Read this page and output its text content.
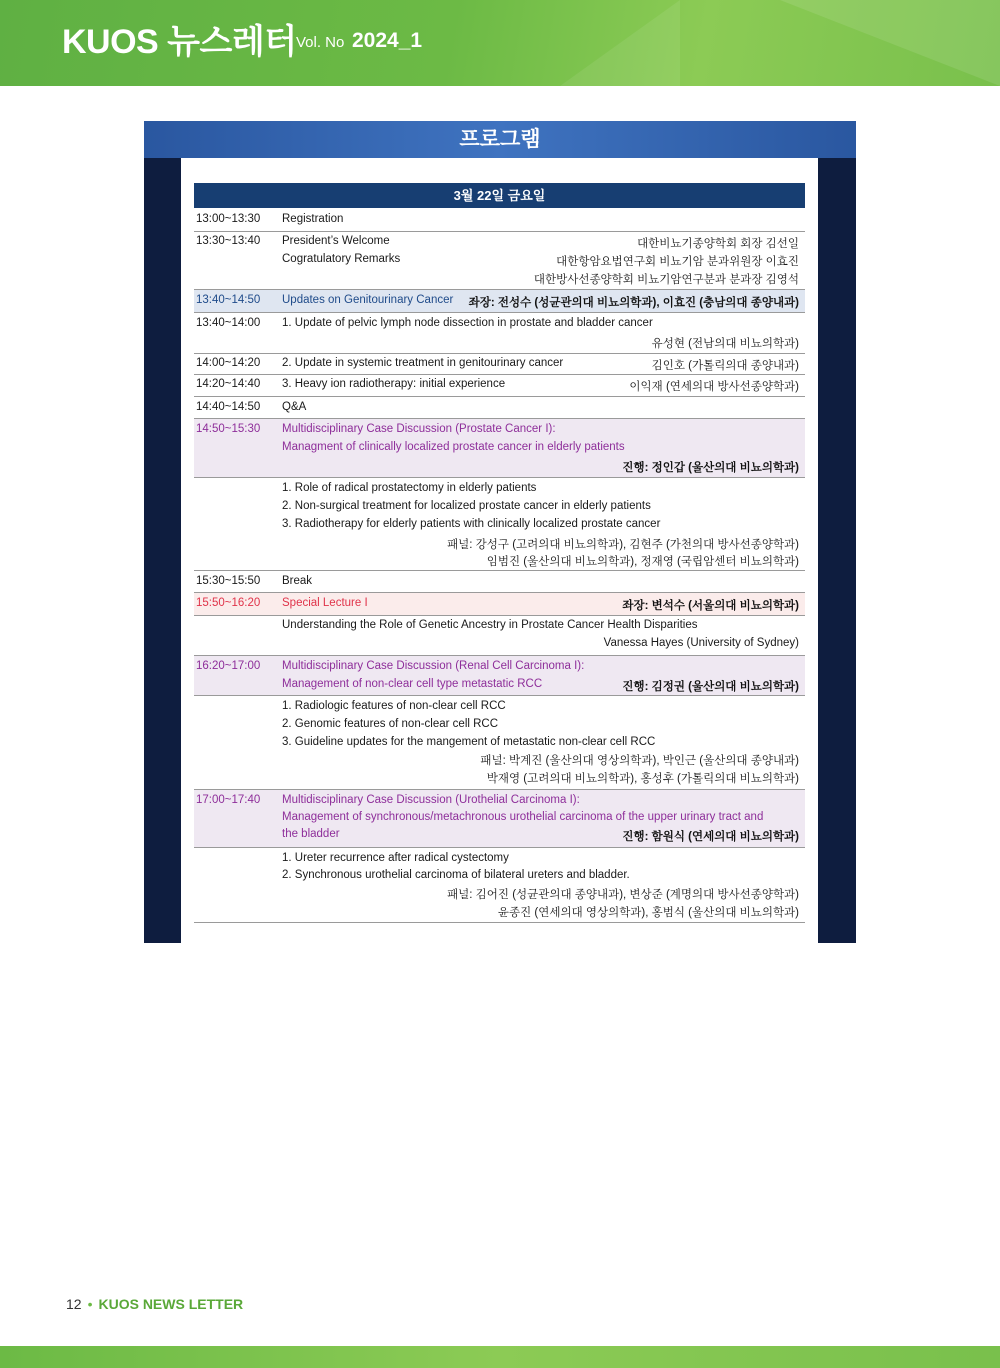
KUOS 뉴스레터 Vol. No 2024_1
프로그램
3월 22일 금요일
13:00~13:30 Registration
13:30~13:40 President’s Welcome	대한비뇨기종양학회 회장 김선일
Cogratulatory Remarks	대한항암요법연구회 비뇨기암 분과위원장 이효진
대한방사선종양학회 비뇨기암연구분과 분과장 김영석
13:40~14:50 Updates on Genitourinary Cancer 좌장: 전성수 (성균관의대 비뇨의학과), 이효진 (충남의대 종양내과)
13:40~14:00 1. Update of pelvic lymph node dissection in prostate and bladder cancer
유성현 (전남의대 비뇨의학과)
14:00~14:20 2. Update in systemic treatment in genitourinary cancer	김인호 (가톨릭의대 종양내과)
14:20~14:40 3. Heavy ion radiotherapy: initial experience	이익재 (연세의대 방사선종양학과)
14:40~14:50 Q&A
14:50~15:30 Multidisciplinary Case Discussion (Prostate Cancer I):
Managment of clinically localized prostate cancer in elderly patients
진행: 정인갑 (울산의대 비뇨의학과)
1. Role of radical prostatectomy in elderly patients
2. Non-surgical treatment for localized prostate cancer in elderly patients
3. Radiotherapy for elderly patients with clinically localized prostate cancer
패널: 강성구 (고려의대 비뇨의학과), 김현주 (가천의대 방사선종양학과)
임범진 (울산의대 비뇨의학과), 정재영 (국립암센터 비뇨의학과)
15:30~15:50 Break
15:50~16:20 Special Lecture I	좌장: 변석수 (서울의대 비뇨의학과)
Understanding the Role of Genetic Ancestry in Prostate Cancer Health Disparities
Vanessa Hayes (University of Sydney)
16:20~17:00 Multidisciplinary Case Discussion (Renal Cell Carcinoma I):
Management of non-clear cell type metastatic RCC	진행: 김정권 (울산의대 비뇨의학과)
1. Radiologic features of non-clear cell RCC
2. Genomic features of non-clear cell RCC
3. Guideline updates for the mangement of metastatic non-clear cell RCC
패널: 박계진 (울산의대 영상의학과), 박인근 (울산의대 종양내과)
박재영 (고려의대 비뇨의학과), 홍성후 (가톨릭의대 비뇨의학과)
17:00~17:40 Multidisciplinary Case Discussion (Urothelial Carcinoma I):
Management of synchronous/metachronous urothelial carcinoma of the upper urinary tract and
the bladder	진행: 함원식 (연세의대 비뇨의학과)
1. Ureter recurrence after radical cystectomy
2. Synchronous urothelial carcinoma of bilateral ureters and bladder.
패널: 김어진 (성균관의대 종양내과), 변상준 (계명의대 방사선종양학과)
윤종진 (연세의대 영상의학과), 홍범식 (울산의대 비뇨의학과)
12 • KUOS NEWS LETTER
